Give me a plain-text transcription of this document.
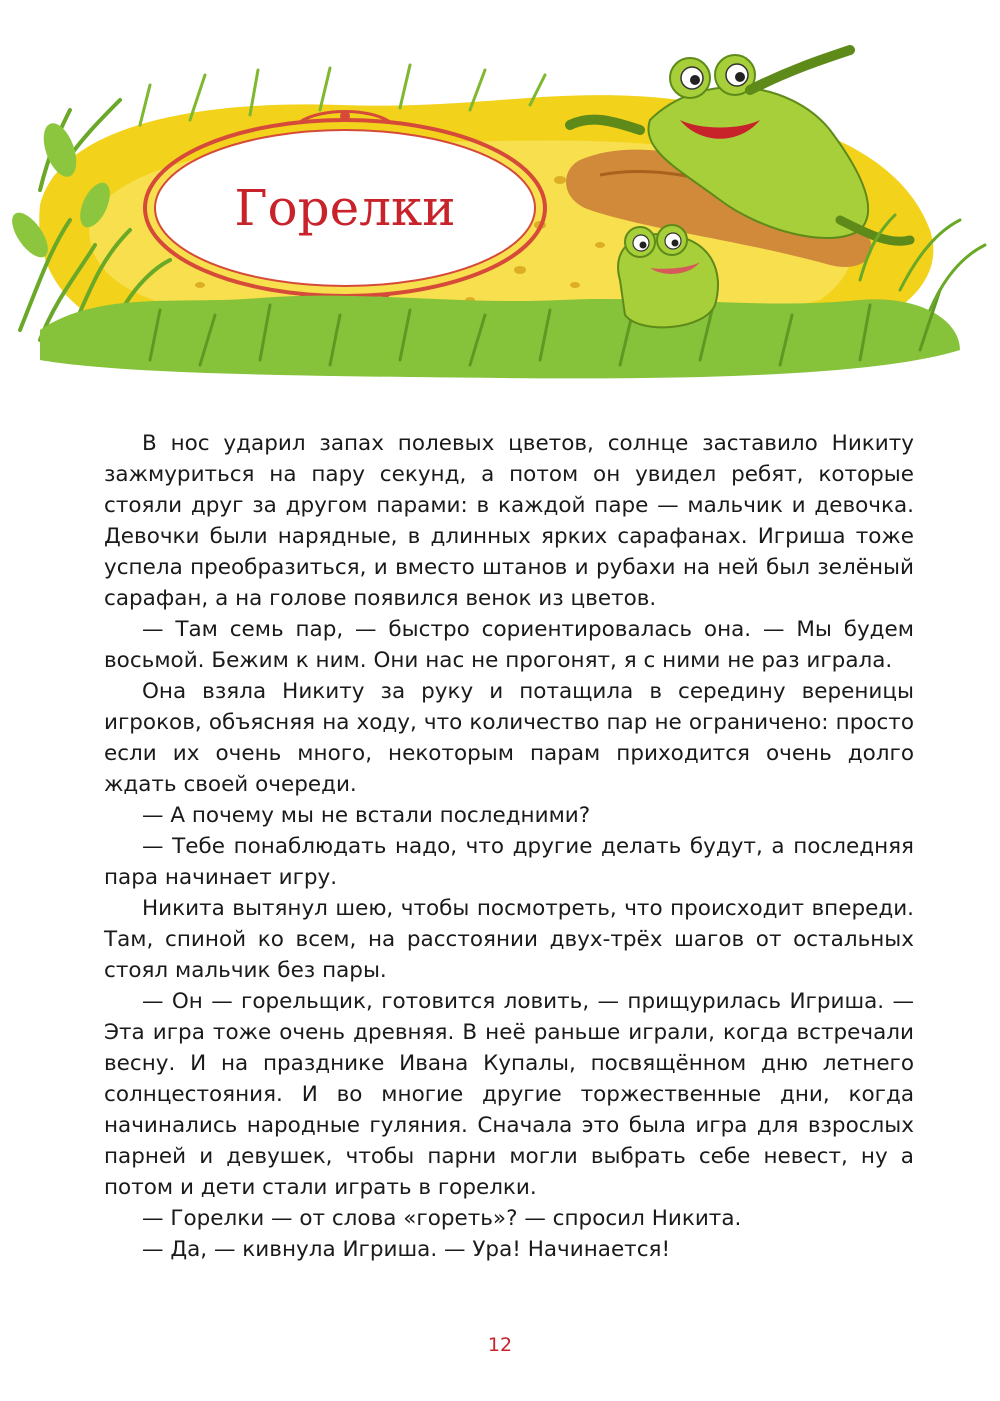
Горелки

В нос ударил запах полевых цветов, солнце заставило Никиту зажмуриться на пару секунд, а потом он увидел ребят, которые стояли друг за другом парами: в каждой паре — мальчик и девочка. Девочки были нарядные, в длинных ярких сарафанах. Игриша тоже успела преобразиться, и вместо штанов и рубахи на ней был зелёный сарафан, а на голове появился венок из цветов.

— Там семь пар, — быстро сориентировалась она. — Мы будем восьмой. Бежим к ним. Они нас не прогонят, я с ними не раз играла.

Она взяла Никиту за руку и потащила в середину вереницы игроков, объясняя на ходу, что количество пар не ограничено: просто если их очень много, некоторым парам приходится очень долго ждать своей очереди.

— А почему мы не встали последними?

— Тебе понаблюдать надо, что другие делать будут, а последняя пара начинает игру.

Никита вытянул шею, чтобы посмотреть, что происходит впереди. Там, спиной ко всем, на расстоянии двух-трёх шагов от остальных стоял мальчик без пары.

— Он — горельщик, готовится ловить, — прищурилась Игриша. — Эта игра тоже очень древняя. В неё раньше играли, когда встречали весну. И на празднике Ивана Купалы, посвящённом дню летнего солнцестояния. И во многие другие торжественные дни, когда начинались народные гуляния. Сначала это была игра для взрослых парней и девушек, чтобы парни могли выбрать себе невест, ну а потом и дети стали играть в горелки.

— Горелки — от слова «гореть»? — спросил Никита.

— Да, — кивнула Игриша. — Ура! Начинается!

12
